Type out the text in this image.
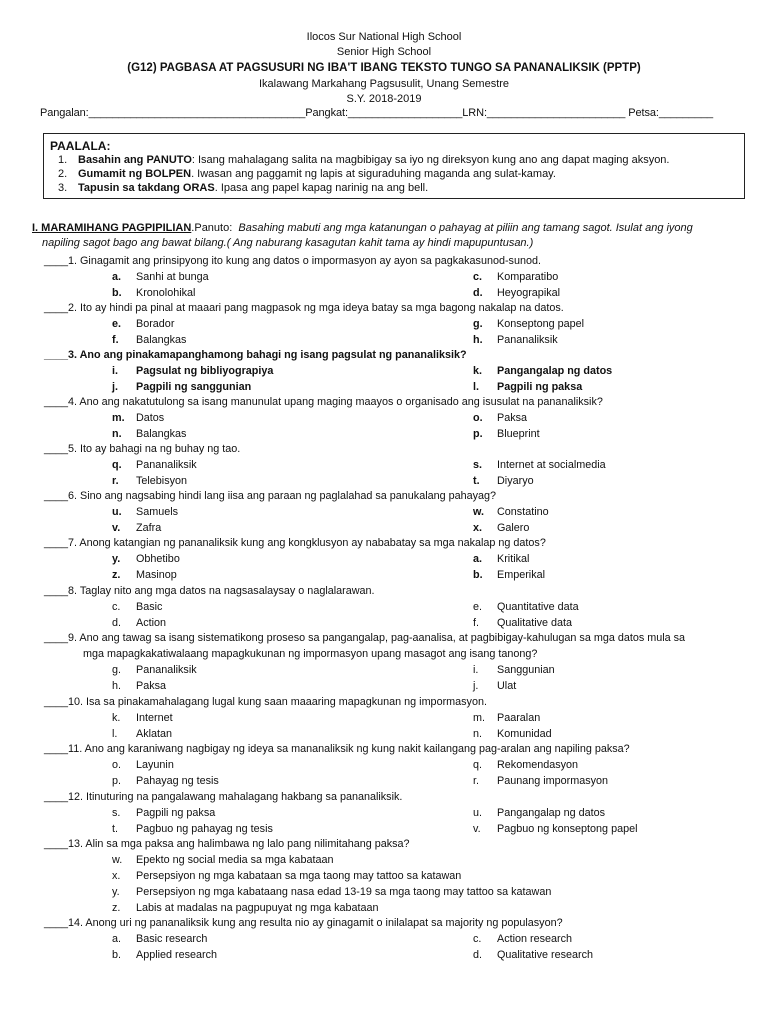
Ilocos Sur National High School
Senior High School
(G12) PAGBASA AT PAGSUSURI NG IBA'T IBANG TEKSTO TUNGO SA PANANALIKSIK (PPTP)
Ikalawang Markahang Pagsusulit, Unang Semestre
S.Y. 2018-2019
Pangalan:____________________________________Pangkat:___________________LRN:_______________________ Petsa:_________
PAALALA:
1. Basahin ang PANUTO: Isang mahalagang salita na magbibigay sa iyo ng direksyon kung ano ang dapat maging aksyon.
2. Gumamit ng BOLPEN. Iwasan ang paggamit ng lapis at siguraduhing maganda ang sulat-kamay.
3. Tapusin sa takdang ORAS. Ipasa ang papel kapag narinig na ang bell.
I. MARAMIHANG PAGPIPILIAN.Panuto: Basahing mabuti ang mga katanungan o pahayag at piliin ang tamang sagot. Isulat ang iyong
napiling sagot bago ang bawat bilang.( Ang naburang kasagutan kahit tama ay hindi mapupuntusan.)
____1. Ginagamit ang prinsipyong ito kung ang datos o impormasyon ay ayon sa pagkakasunod-sunod.
a. Sanhi at bunga	c. Komparatibo
b. Kronolohikal	d. Heyograpikal
____2. Ito ay hindi pa pinal at maaari pang magpasok ng mga ideya batay sa mga bagong nakalap na datos.
e. Borador	g. Konseptong papel
f. Balangkas	h. Pananaliksik
____3. Ano ang pinakamapanghamong bahagi ng isang pagsulat ng pananaliksik?
i. Pagsulat ng bibliyograpiya	k. Pangangalap ng datos
j. Pagpili ng sanggunian	l. Pagpili ng paksa
____4. Ano ang nakatutulong sa isang manunulat upang maging maayos o organisado ang isusulat na pananaliksik?
m. Datos	o. Paksa
n. Balangkas	p. Blueprint
____5. Ito ay bahagi na ng buhay ng tao.
q. Pananaliksik	s. Internet at socialmedia
r. Telebisyon	t. Diyaryo
____6. Sino ang nagsabing hindi lang iisa ang paraan ng paglalahad sa panukalang pahayag?
u. Samuels	w. Constatino
v. Zafra	x. Galero
____7. Anong katangian ng pananaliksik kung ang kongklusyon ay nababatay sa mga nakalap ng datos?
y. Obhetibo	a. Kritikal
z. Masinop	b. Emperikal
____8. Taglay nito ang mga datos na nagsasalaysay o naglalarawan.
c. Basic	e. Quantitative data
d. Action	f. Qualitative data
____9. Ano ang tawag sa isang sistematikong proseso sa pangangalap, pag-aanalisa, at pagbibigay-kahulugan sa mga datos mula sa
mga mapagkakatiwalaang mapagkukunan ng impormasyon upang masagot ang isang tanong?
g. Pananaliksik	i. Sanggunian
h. Paksa	j. Ulat
____10. Isa sa pinakamahalagang lugal kung saan maaaring mapagkunan ng impormasyon.
k. Internet	m. Paaralan
l. Aklatan	n. Komunidad
____11. Ano ang karaniwang nagbigay ng ideya sa mananaliksik ng kung nakit kailangang pag-aralan ang napiling paksa?
o. Layunin	q. Rekomendasyon
p. Pahayag ng tesis	r. Paunang impormasyon
____12. Itinuturing na pangalawang mahalagang hakbang sa pananaliksik.
s. Pagpili ng paksa	u. Pangangalap ng datos
t. Pagbuo ng pahayag ng tesis	v. Pagbuo ng konseptong papel
____13. Alin sa mga paksa ang halimbawa ng lalo pang nilimitahang paksa?
w. Epekto ng social media sa mga kabataan
x. Persepsiyon ng mga kabataan sa mga taong may tattoo sa katawan
y. Persepsiyon ng mga kabataang nasa edad 13-19 sa mga taong may tattoo sa katawan
z. Labis at madalas na pagpupuyat ng mga kabataan
____14. Anong uri ng pananaliksik kung ang resulta nio ay ginagamit o inilalapat sa majority ng populasyon?
a. Basic research	c. Action research
b. Applied research	d. Qualitative research
